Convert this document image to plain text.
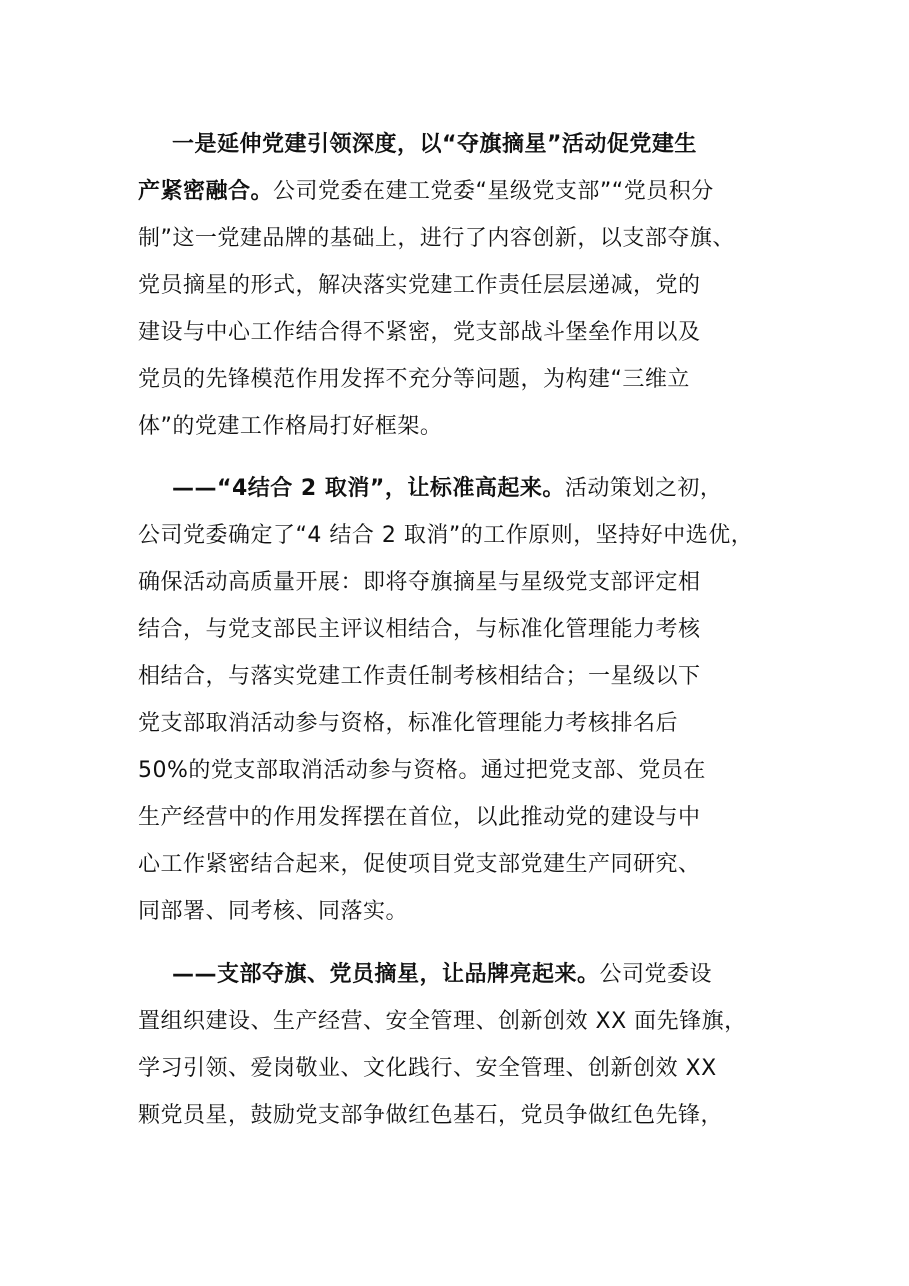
一是延伸党建引领深度，以“夺旗摘星”活动促党建生
产紧密融合。公司党委在建工党委“星级党支部”“党员积分
制”这一党建品牌的基础上，进行了内容创新，以支部夺旗、
党员摘星的形式，解决落实党建工作责任层层递减，党的
建设与中心工作结合得不紧密，党支部战斗堡垒作用以及
党员的先锋模范作用发挥不充分等问题，为构建“三维立
体”的党建工作格局打好框架。
——“4结合 2 取消”，让标准高起来。活动策划之初，
公司党委确定了“4 结合 2 取消”的工作原则，坚持好中选优，
确保活动高质量开展：即将夺旗摘星与星级党支部评定相
结合，与党支部民主评议相结合，与标准化管理能力考核
相结合，与落实党建工作责任制考核相结合；一星级以下
党支部取消活动参与资格，标准化管理能力考核排名后
50%的党支部取消活动参与资格。通过把党支部、党员在
生产经营中的作用发挥摆在首位，以此推动党的建设与中
心工作紧密结合起来，促使项目党支部党建生产同研究、
同部署、同考核、同落实。
——支部夺旗、党员摘星，让品牌亮起来。公司党委设
置组织建设、生产经营、安全管理、创新创效 XX 面先锋旗，
学习引领、爱岗敬业、文化践行、安全管理、创新创效 XX
颗党员星，鼓励党支部争做红色基石，党员争做红色先锋，
